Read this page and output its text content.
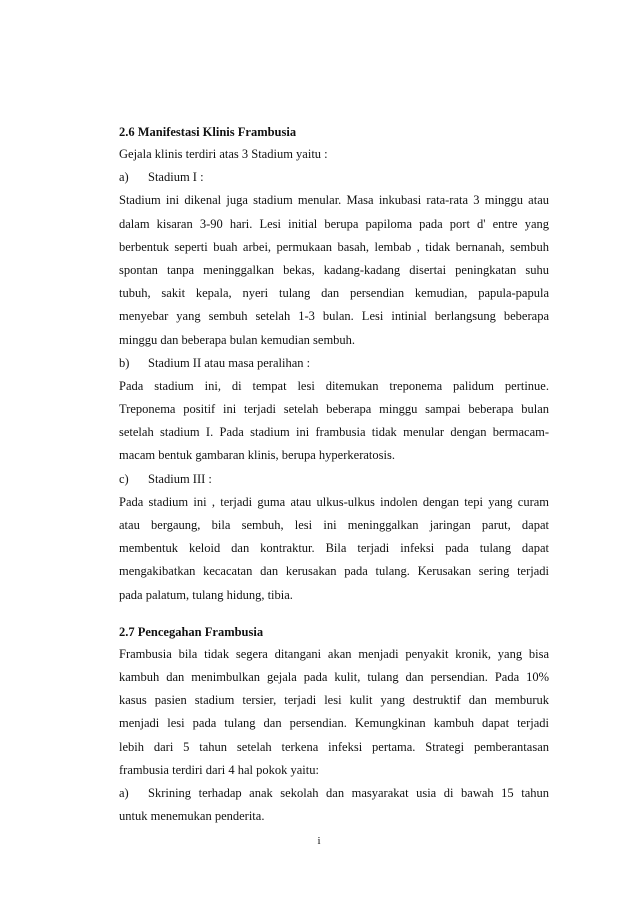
2.6 Manifestasi Klinis Frambusia

Gejala klinis terdiri atas 3 Stadium yaitu :

a)	Stadium I :

Stadium ini dikenal juga stadium menular. Masa inkubasi rata-rata 3 minggu atau

dalam kisaran 3-90 hari. Lesi initial berupa papiloma pada port d' entre yang

berbentuk seperti buah arbei, permukaan basah, lembab , tidak bernanah, sembuh

spontan tanpa meninggalkan bekas, kadang-kadang disertai peningkatan suhu

tubuh, sakit kepala, nyeri tulang dan persendian kemudian, papula-papula

menyebar yang sembuh setelah 1-3 bulan. Lesi intinial berlangsung beberapa

minggu dan beberapa bulan kemudian sembuh.

b)	Stadium II atau masa peralihan :

Pada stadium ini, di tempat lesi ditemukan treponema palidum pertinue.

Treponema positif ini terjadi setelah beberapa minggu sampai beberapa bulan

setelah stadium I. Pada stadium ini frambusia tidak menular dengan bermacam-

macam bentuk gambaran klinis, berupa hyperkeratosis.

c)	Stadium III :

Pada stadium ini , terjadi guma atau ulkus-ulkus indolen dengan tepi yang curam

atau bergaung, bila sembuh, lesi ini meninggalkan jaringan parut, dapat

membentuk keloid dan kontraktur. Bila terjadi infeksi pada tulang dapat

mengakibatkan kecacatan dan kerusakan pada tulang. Kerusakan sering terjadi

pada palatum, tulang hidung, tibia.

2.7 Pencegahan Frambusia

Frambusia bila tidak segera ditangani akan menjadi penyakit kronik, yang bisa

kambuh dan menimbulkan gejala pada kulit, tulang dan persendian. Pada 10%

kasus pasien stadium tersier, terjadi lesi kulit yang destruktif dan memburuk

menjadi lesi pada tulang dan persendian. Kemungkinan kambuh dapat terjadi

lebih dari 5 tahun setelah terkena infeksi pertama. Strategi pemberantasan

frambusia terdiri dari 4 hal pokok yaitu:

a)	Skrining terhadap anak sekolah dan masyarakat usia di bawah 15 tahun

untuk menemukan penderita.

i
